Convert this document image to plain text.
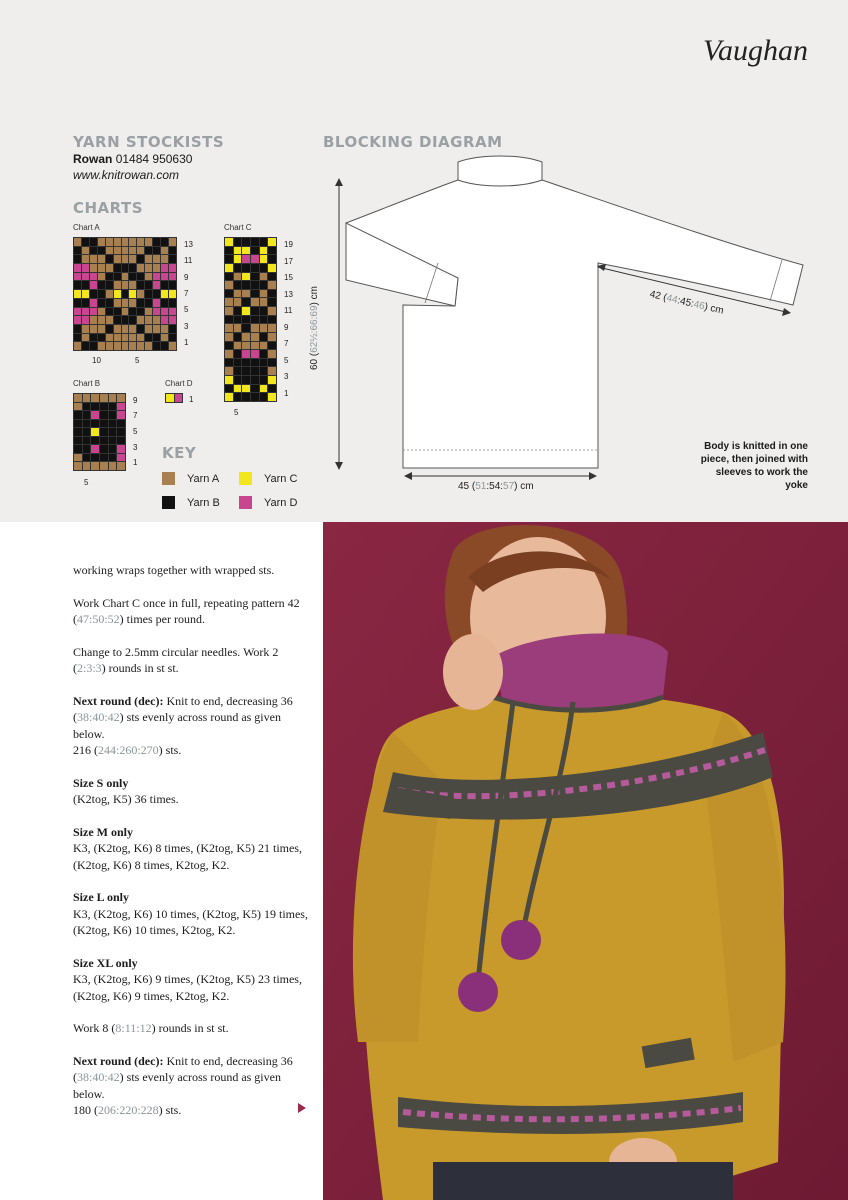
Vaughan
YARN STOCKISTS
Rowan 01484 950630
www.knitrowan.com
CHARTS
Chart A
13
11
9
7
5
3
1
10	5
Chart B
9
7
5
3
1
5
Chart C
19
17
15
13
11
9
7
5
3
1
5
Chart D
1
KEY
Yarn A	Yarn C
Yarn B	Yarn D
BLOCKING DIAGRAM
60 (62½:66:69) cm	42 (44:45:46) cm
45 (51:54:57) cm
Body is knitted in one piece, then joined with sleeves to work the yoke

working wraps together with wrapped sts.

Work Chart C once in full, repeating pattern 42 (47:50:52) times per round.

Change to 2.5mm circular needles. Work 2 (2:3:3) rounds in st st.

Next round (dec): Knit to end, decreasing 36 (38:40:42) sts evenly across round as given below.
216 (244:260:270) sts.

Size S only
(K2tog, K5) 36 times.

Size M only
K3, (K2tog, K6) 8 times, (K2tog, K5) 21 times, (K2tog, K6) 8 times, K2tog, K2.

Size L only
K3, (K2tog, K6) 10 times, (K2tog, K5) 19 times, (K2tog, K6) 10 times, K2tog, K2.

Size XL only
K3, (K2tog, K6) 9 times, (K2tog, K5) 23 times, (K2tog, K6) 9 times, K2tog, K2.

Work 8 (8:11:12) rounds in st st.

Next round (dec): Knit to end, decreasing 36 (38:40:42) sts evenly across round as given below.
180 (206:220:228) sts.
